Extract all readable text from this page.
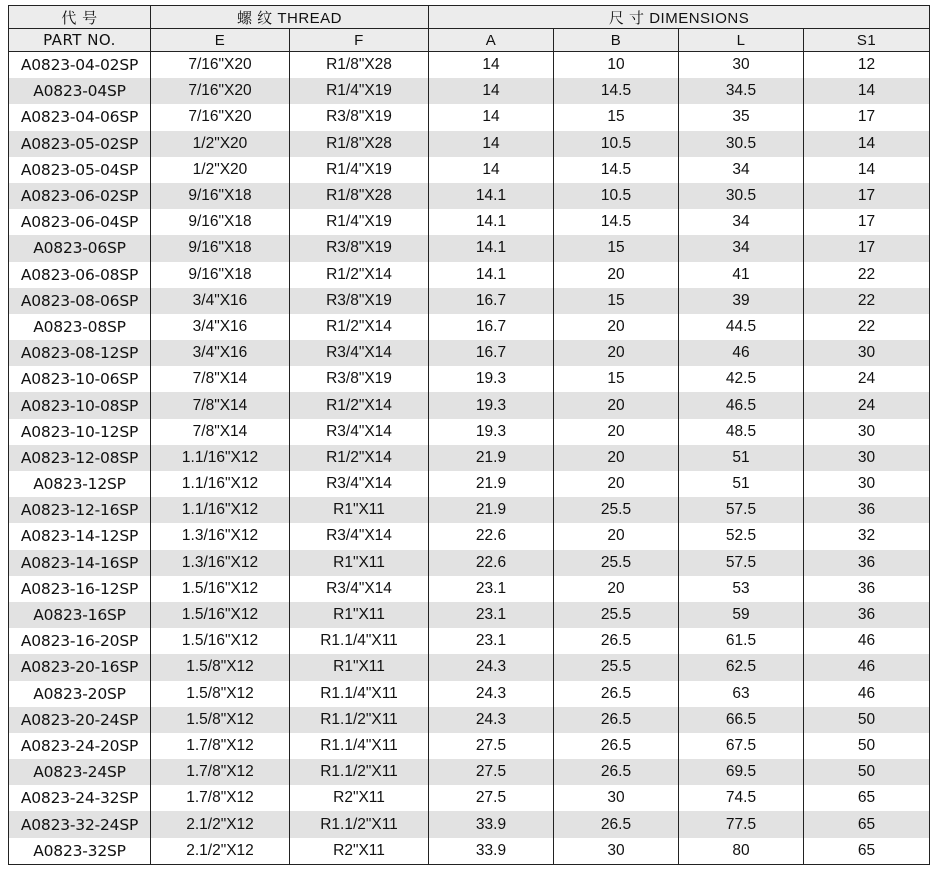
代 号	螺 纹 THREAD		尺 寸 DIMENSIONS			
PART NO.	E	F	A	B	L	S1
A0823-04-02SP	7/16"X20	R1/8"X28	14	10	30	12
A0823-04SP	7/16"X20	R1/4"X19	14	14.5	34.5	14
A0823-04-06SP	7/16"X20	R3/8"X19	14	15	35	17
A0823-05-02SP	1/2"X20	R1/8"X28	14	10.5	30.5	14
A0823-05-04SP	1/2"X20	R1/4"X19	14	14.5	34	14
A0823-06-02SP	9/16"X18	R1/8"X28	14.1	10.5	30.5	17
A0823-06-04SP	9/16"X18	R1/4"X19	14.1	14.5	34	17
A0823-06SP	9/16"X18	R3/8"X19	14.1	15	34	17
A0823-06-08SP	9/16"X18	R1/2"X14	14.1	20	41	22
A0823-08-06SP	3/4"X16	R3/8"X19	16.7	15	39	22
A0823-08SP	3/4"X16	R1/2"X14	16.7	20	44.5	22
A0823-08-12SP	3/4"X16	R3/4"X14	16.7	20	46	30
A0823-10-06SP	7/8"X14	R3/8"X19	19.3	15	42.5	24
A0823-10-08SP	7/8"X14	R1/2"X14	19.3	20	46.5	24
A0823-10-12SP	7/8"X14	R3/4"X14	19.3	20	48.5	30
A0823-12-08SP	1.1/16"X12	R1/2"X14	21.9	20	51	30
A0823-12SP	1.1/16"X12	R3/4"X14	21.9	20	51	30
A0823-12-16SP	1.1/16"X12	R1"X11	21.9	25.5	57.5	36
A0823-14-12SP	1.3/16"X12	R3/4"X14	22.6	20	52.5	32
A0823-14-16SP	1.3/16"X12	R1"X11	22.6	25.5	57.5	36
A0823-16-12SP	1.5/16"X12	R3/4"X14	23.1	20	53	36
A0823-16SP	1.5/16"X12	R1"X11	23.1	25.5	59	36
A0823-16-20SP	1.5/16"X12	R1.1/4"X11	23.1	26.5	61.5	46
A0823-20-16SP	1.5/8"X12	R1"X11	24.3	25.5	62.5	46
A0823-20SP	1.5/8"X12	R1.1/4"X11	24.3	26.5	63	46
A0823-20-24SP	1.5/8"X12	R1.1/2"X11	24.3	26.5	66.5	50
A0823-24-20SP	1.7/8"X12	R1.1/4"X11	27.5	26.5	67.5	50
A0823-24SP	1.7/8"X12	R1.1/2"X11	27.5	26.5	69.5	50
A0823-24-32SP	1.7/8"X12	R2"X11	27.5	30	74.5	65
A0823-32-24SP	2.1/2"X12	R1.1/2"X11	33.9	26.5	77.5	65
A0823-32SP	2.1/2"X12	R2"X11	33.9	30	80	65
